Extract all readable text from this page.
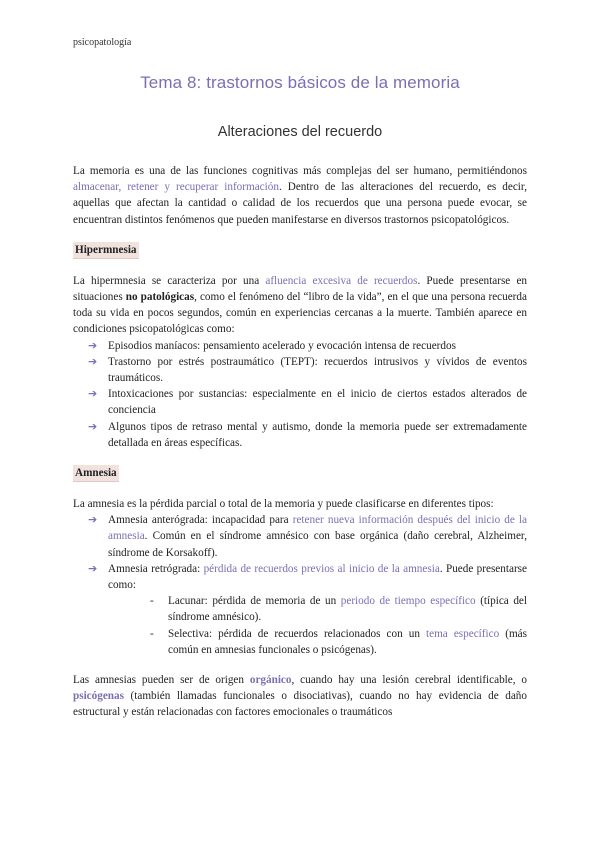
psicopatología
Tema 8: trastornos básicos de la memoria
Alteraciones del recuerdo

La memoria es una de las funciones cognitivas más complejas del ser humano, permitiéndonos almacenar, retener y recuperar información. Dentro de las alteraciones del recuerdo, es decir, aquellas que afectan la cantidad o calidad de los recuerdos que una persona puede evocar, se encuentran distintos fenómenos que pueden manifestarse en diversos trastornos psicopatológicos.

Hipermnesia

La hipermnesia se caracteriza por una afluencia excesiva de recuerdos. Puede presentarse en situaciones no patológicas, como el fenómeno del “libro de la vida”, en el que una persona recuerda toda su vida en pocos segundos, común en experiencias cercanas a la muerte. También aparece en condiciones psicopatológicas como:

➔ Episodios maníacos: pensamiento acelerado y evocación intensa de recuerdos
➔ Trastorno por estrés postraumático (TEPT): recuerdos intrusivos y vívidos de eventos traumáticos.
➔ Intoxicaciones por sustancias: especialmente en el inicio de ciertos estados alterados de conciencia
➔ Algunos tipos de retraso mental y autismo, donde la memoria puede ser extremadamente detallada en áreas específicas.
Amnesia

La amnesia es la pérdida parcial o total de la memoria y puede clasificarse en diferentes tipos:

➔ Amnesia anterógrada: incapacidad para retener nueva información después del inicio de la amnesia. Común en el síndrome amnésico con base orgánica (daño cerebral, Alzheimer, síndrome de Korsakoff).
➔ Amnesia retrógrada: pérdida de recuerdos previos al inicio de la amnesia. Puede presentarse como:
- Lacunar: pérdida de memoria de un periodo de tiempo específico (típica del síndrome amnésico).
- Selectiva: pérdida de recuerdos relacionados con un tema específico (más común en amnesias funcionales o psicógenas).

Las amnesias pueden ser de origen orgánico, cuando hay una lesión cerebral identificable, o psicógenas (también llamadas funcionales o disociativas), cuando no hay evidencia de daño estructural y están relacionadas con factores emocionales o traumáticos
